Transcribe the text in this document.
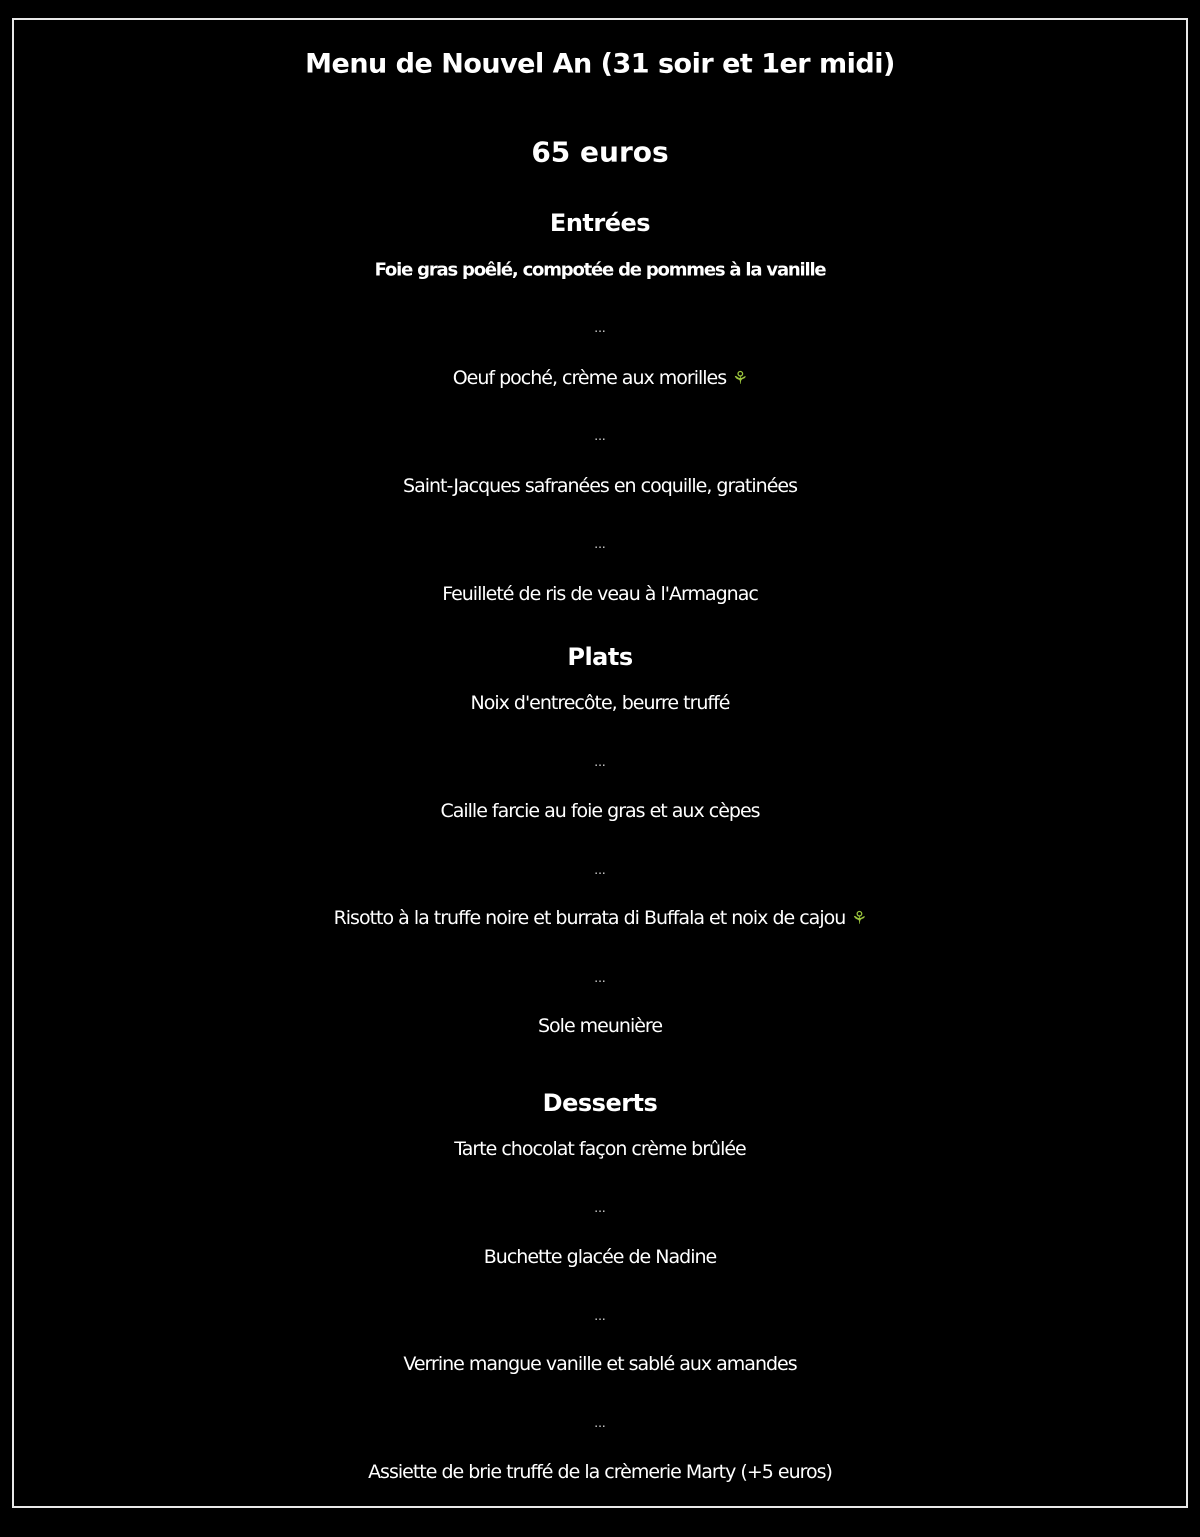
Menu de Nouvel An (31 soir et 1er midi)
65 euros
Entrées
Foie gras poêlé, compotée de pommes à la vanille
...
Oeuf poché, crème aux morilles ⚘
...
Saint-Jacques safranées en coquille, gratinées
...
Feuilleté de ris de veau à l'Armagnac
Plats
Noix d'entrecôte, beurre truffé
...
Caille farcie au foie gras et aux cèpes
...
Risotto à la truffe noire et burrata di Buffala et noix de cajou ⚘
...
Sole meunière
Desserts
Tarte chocolat façon crème brûlée
...
Buchette glacée de Nadine
...
Verrine mangue vanille et sablé aux amandes
...
Assiette de brie truffé de la crèmerie Marty (+5 euros)
